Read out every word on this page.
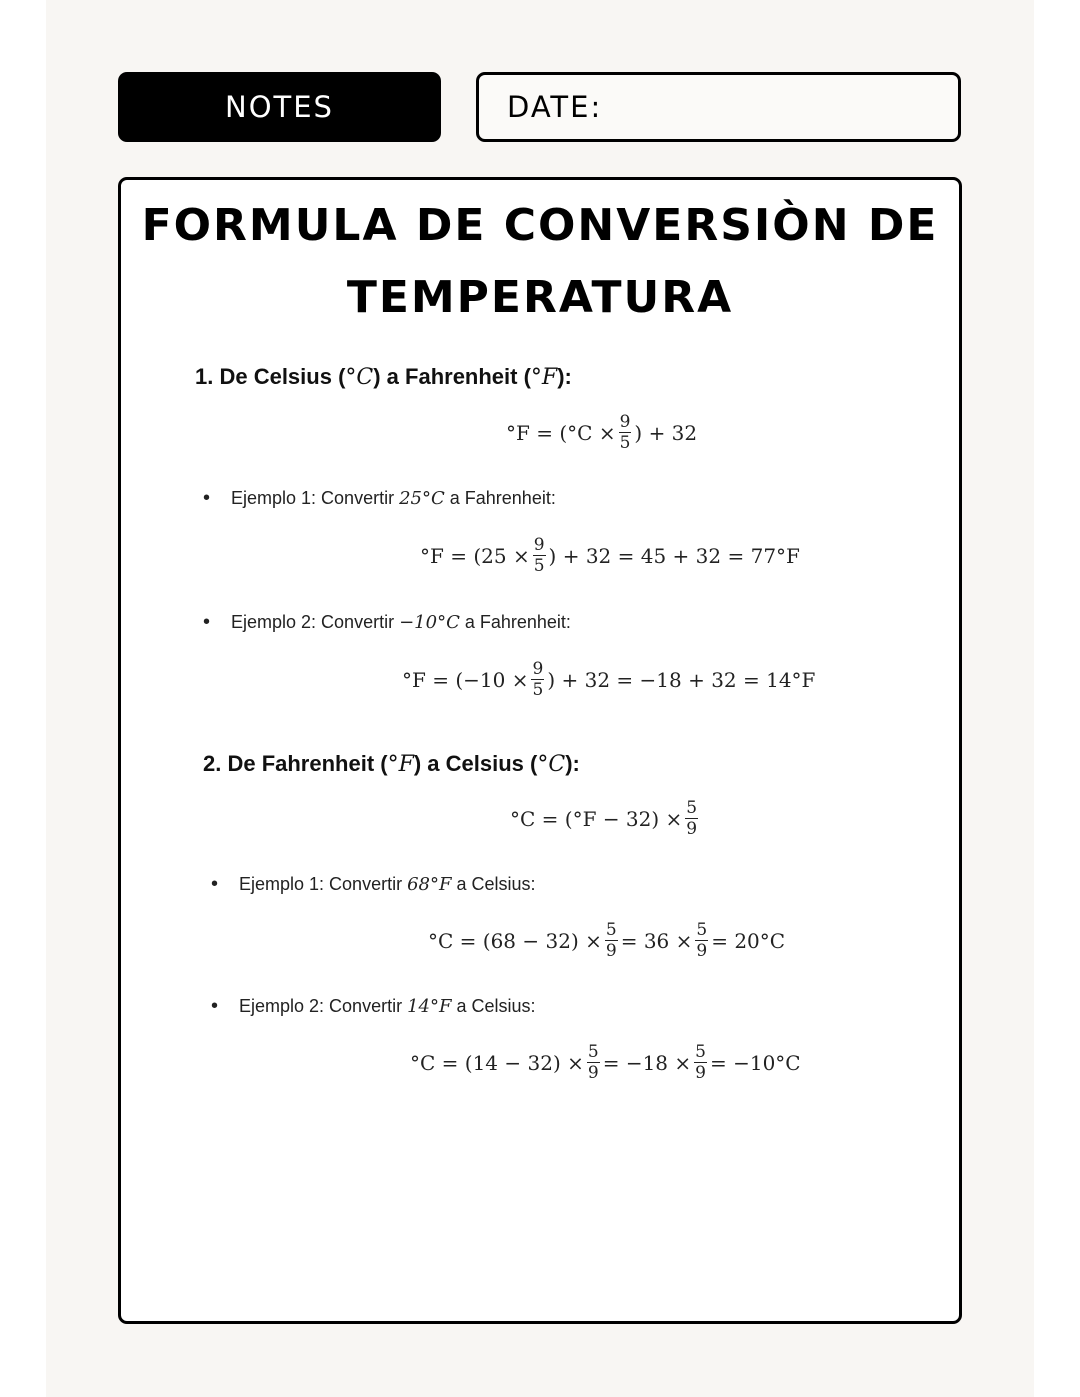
NOTES	DATE:
FORMULA DE CONVERSIÒN DE
TEMPERATURA
1. De Celsius (°C) a Fahrenheit (°F):
$^\circ F = (^\circ C \times \frac{9}{5}$ ) + 32
• Ejemplo 1: Convertir 25°C a Fahrenheit:
$^\circ F = (25 \times \frac{9}{5}$ ) + 32 = 45 + 32 = 77°F
• Ejemplo 2: Convertir −10°C a Fahrenheit:
$^\circ F = (-10 \times \frac{9}{5}$ ) + 32 = −18 + 32 = 14°F
2. De Fahrenheit (°F) a Celsius (°C):
$^\circ C = (^\circ F - 32) \times \frac{5}{9}$
• Ejemplo 1: Convertir 68°F a Celsius:
$^\circ C = (68 - 32) \times \frac{5}{9} = 36 \times \frac{5}{9} = 20^\circ C$
• Ejemplo 2: Convertir 14°F a Celsius:
$^\circ C = (14 - 32) \times \frac{5}{9} = -18 \times \frac{5}{9} = -10^\circ C$
